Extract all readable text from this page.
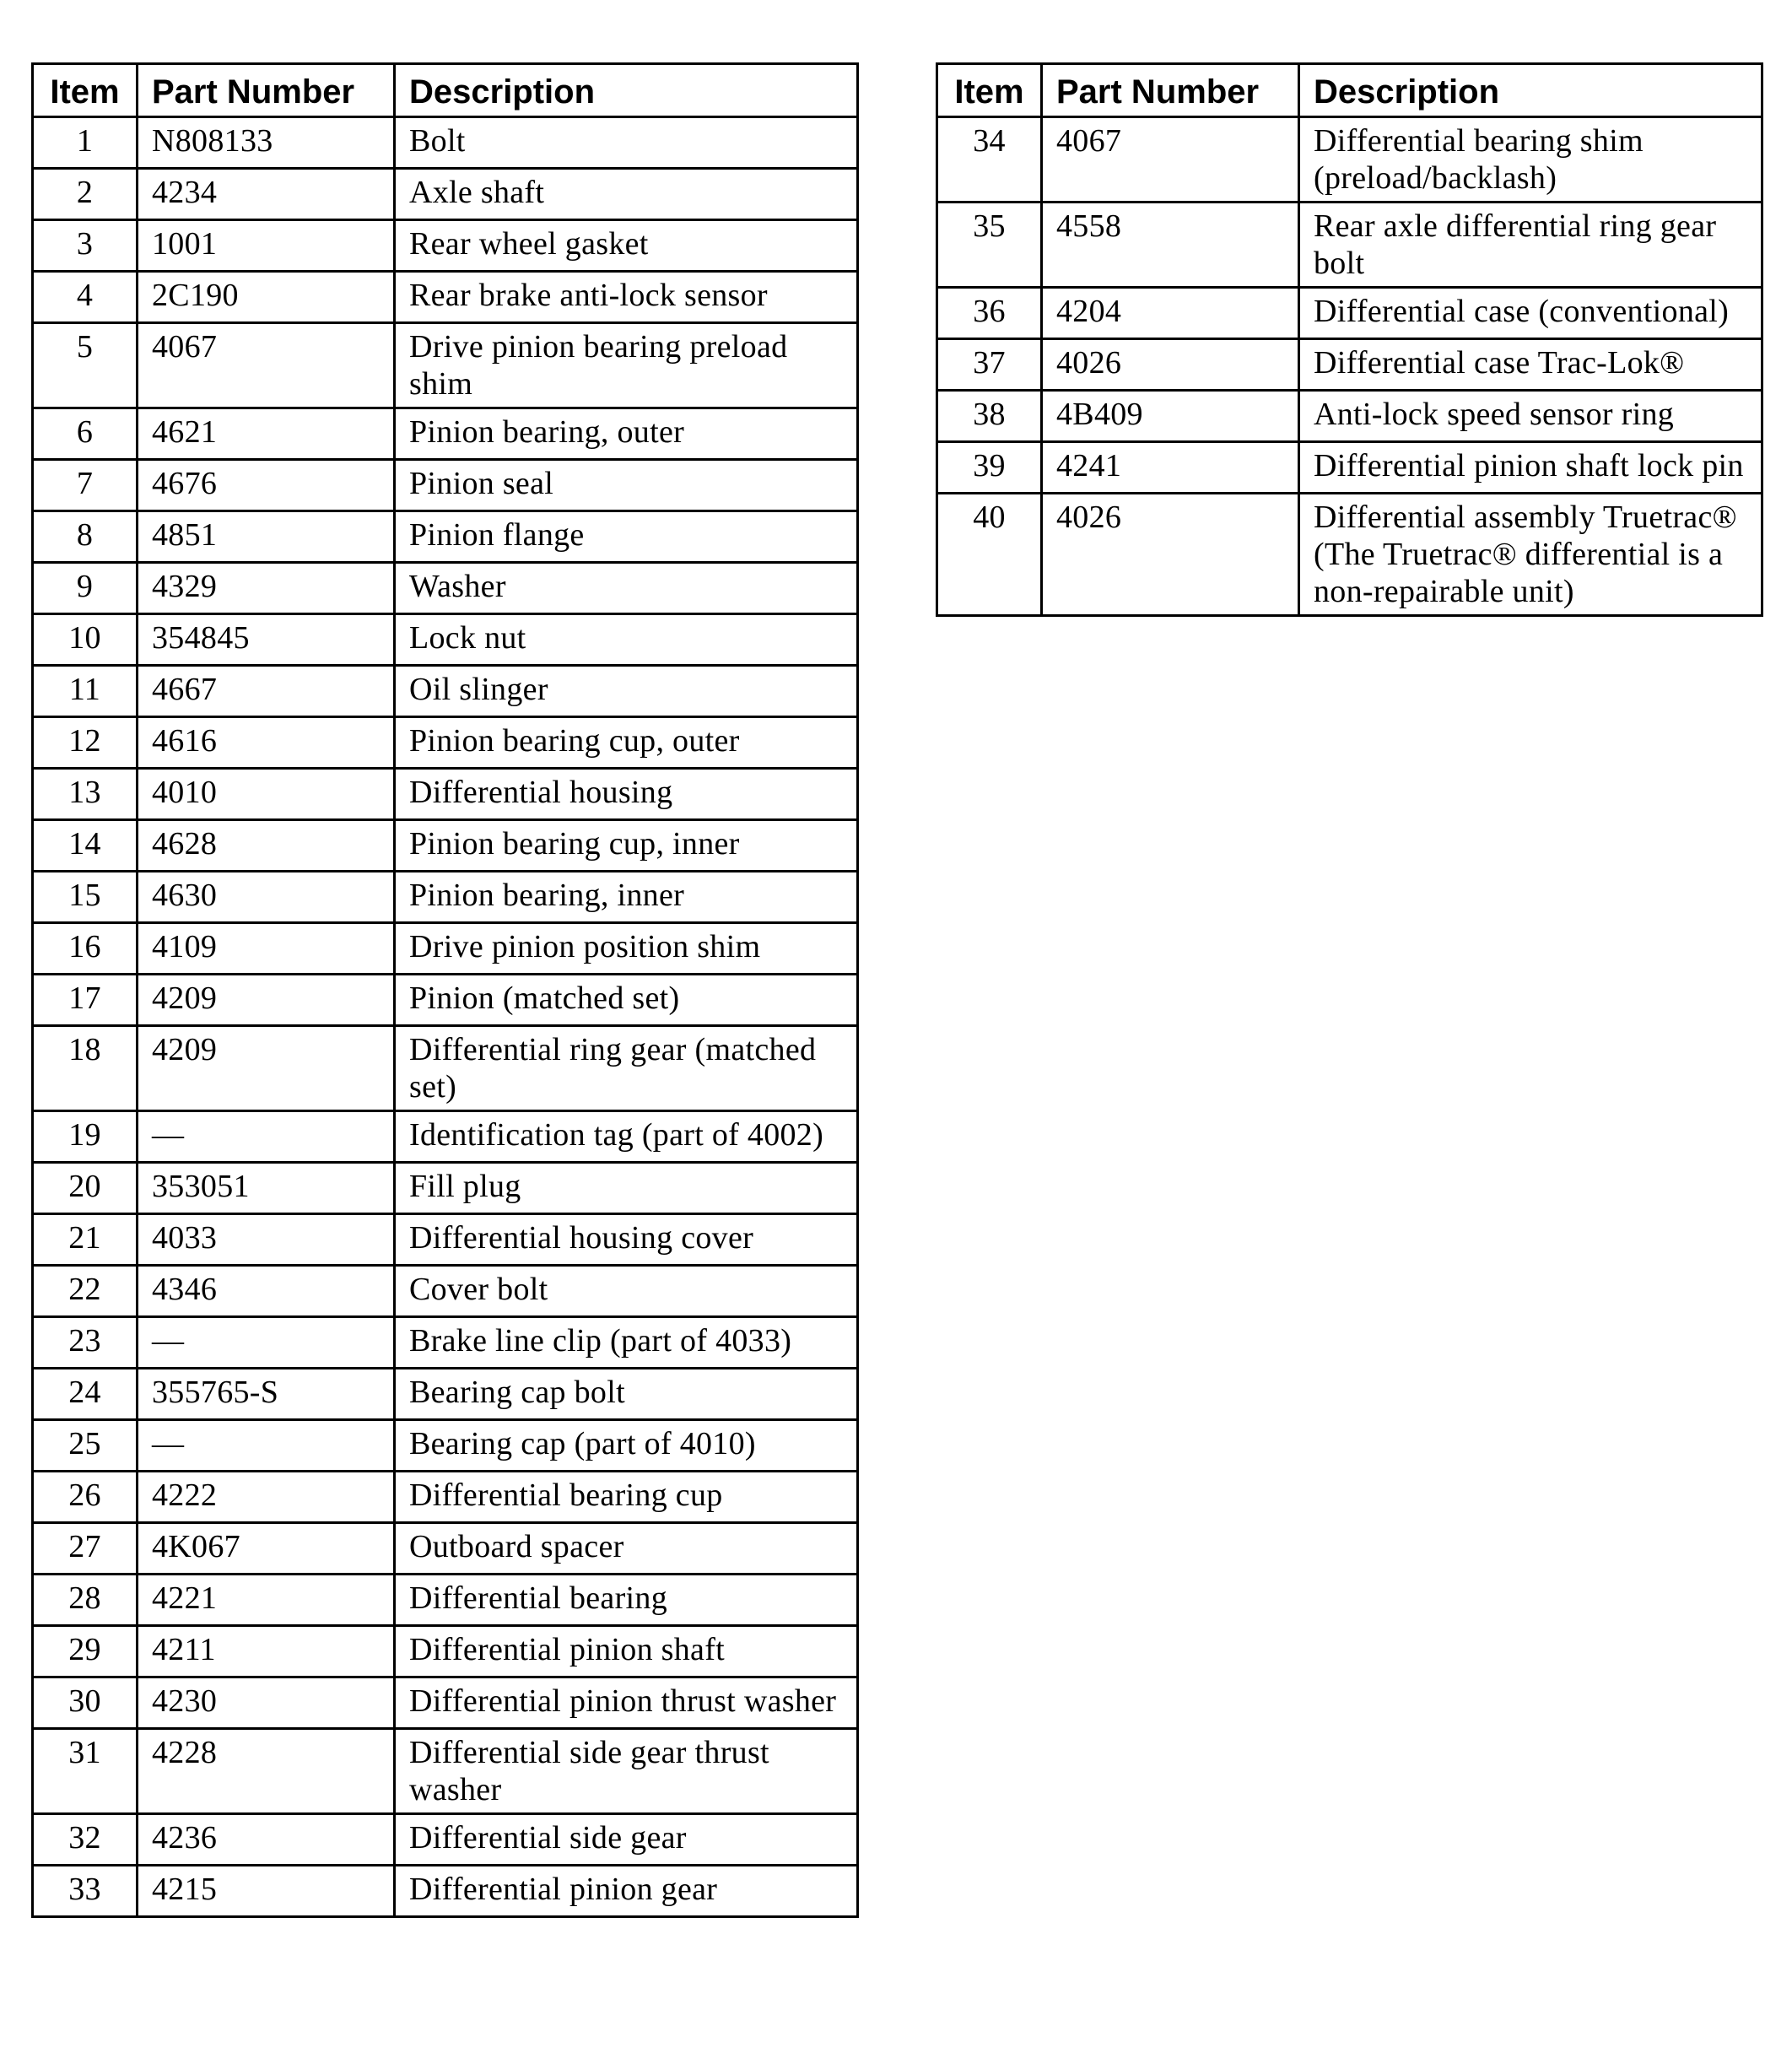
Item	Part Number	Description
1	N808133	Bolt
2	4234	Axle shaft
3	1001	Rear wheel gasket
4	2C190	Rear brake anti-lock sensor
5	4067	Drive pinion bearing preload shim
6	4621	Pinion bearing, outer
7	4676	Pinion seal
8	4851	Pinion flange
9	4329	Washer
10	354845	Lock nut
11	4667	Oil slinger
12	4616	Pinion bearing cup, outer
13	4010	Differential housing
14	4628	Pinion bearing cup, inner
15	4630	Pinion bearing, inner
16	4109	Drive pinion position shim
17	4209	Pinion (matched set)
18	4209	Differential ring gear (matched set)
19	—	Identification tag (part of 4002)
20	353051	Fill plug
21	4033	Differential housing cover
22	4346	Cover bolt
23	—	Brake line clip (part of 4033)
24	355765-S	Bearing cap bolt
25	—	Bearing cap (part of 4010)
26	4222	Differential bearing cup
27	4K067	Outboard spacer
28	4221	Differential bearing
29	4211	Differential pinion shaft
30	4230	Differential pinion thrust washer
31	4228	Differential side gear thrust washer
32	4236	Differential side gear
33	4215	Differential pinion gear
Item	Part Number	Description
34	4067	Differential bearing shim (preload/backlash)
35	4558	Rear axle differential ring gear bolt
36	4204	Differential case (conventional)
37	4026	Differential case Trac-Lok®
38	4B409	Anti-lock speed sensor ring
39	4241	Differential pinion shaft lock pin
40	4026	Differential assembly Truetrac® (The Truetrac® differential is a non-repairable unit)
